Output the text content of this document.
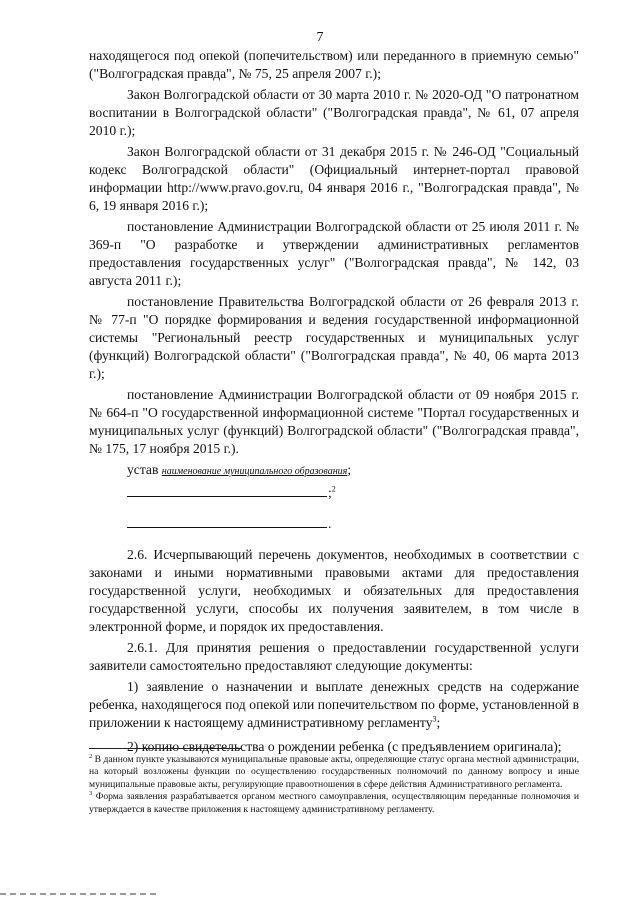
7

находящегося под опекой (попечительством) или переданного в приемную семью" ("Волгоградская правда", № 75, 25 апреля 2007 г.);

Закон Волгоградской области от 30 марта 2010 г. № 2020-ОД "О патронатном воспитании в Волгоградской области" ("Волгоградская правда", № 61, 07 апреля 2010 г.);

Закон Волгоградской области от 31 декабря 2015 г. № 246-ОД "Социальный кодекс Волгоградской области" (Официальный интернет-портал правовой информации http://www.pravo.gov.ru, 04 января 2016 г., "Волгоградская правда", № 6, 19 января 2016 г.);

постановление Администрации Волгоградской области от 25 июля 2011 г. № 369-п "О разработке и утверждении административных регламентов предоставления государственных услуг" ("Волгоградская правда", № 142, 03 августа 2011 г.);

постановление Правительства Волгоградской области от 26 февраля 2013 г. № 77-п "О порядке формирования и ведения государственной информационной системы "Региональный реестр государственных и муниципальных услуг (функций) Волгоградской области" ("Волгоградская правда", № 40, 06 марта 2013 г.);

постановление Администрации Волгоградской области от 09 ноября 2015 г. № 664-п "О государственной информационной системе "Портал государственных и муниципальных услуг (функций) Волгоградской области" ("Волгоградская правда", № 175, 17 ноября 2015 г.).

устав наименование муниципального образования;

;$^2$

.

2.6. Исчерпывающий перечень документов, необходимых в соответствии с законами и иными нормативными правовыми актами для предоставления государственной услуги, необходимых и обязательных для предоставления государственной услуги, способы их получения заявителем, в том числе в электронной форме, и порядок их предоставления.

2.6.1. Для принятия решения о предоставлении государственной услуги заявители самостоятельно предоставляют следующие документы:

1) заявление о назначении и выплате денежных средств на содержание ребенка, находящегося под опекой или попечительством по форме, установленной в приложении к настоящему административному регламенту$^3$;

2) копию свидетельства о рождении ребенка (с предъявлением оригинала);

$^2$ В данном пункте указываются муниципальные правовые акты, определяющие статус органа местной администрации, на который возложены функции по осуществлению государственных полномочий по данному вопросу и иные муниципальные правовые акты, регулирующие правоотношения в сфере действия Административного регламента.

$^3$ Форма заявления разрабатывается органом местного самоуправления, осуществляющим переданные полномочия и утверждается в качестве приложения к настоящему административному регламенту.
